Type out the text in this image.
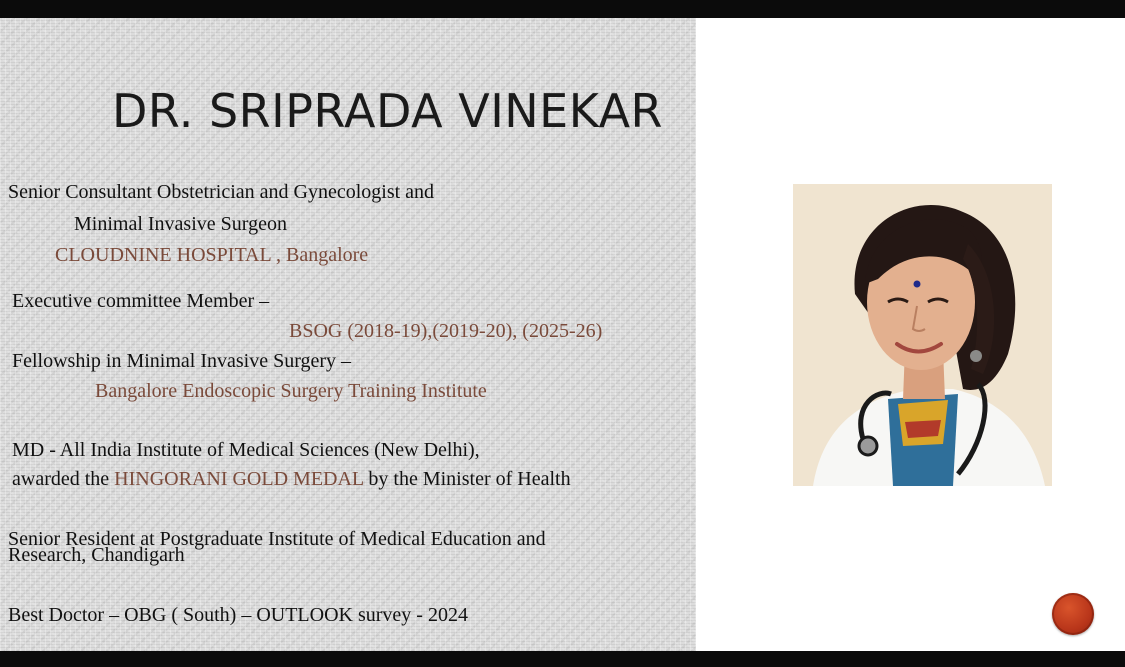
DR. SRIPRADA VINEKAR

Senior Consultant Obstetrician and Gynecologist and

Minimal Invasive Surgeon

CLOUDNINE HOSPITAL , Bangalore

Executive committee Member –

BSOG (2018-19),(2019-20), (2025-26)

Fellowship in Minimal Invasive Surgery –

Bangalore Endoscopic Surgery Training Institute

MD - All India Institute of Medical Sciences (New Delhi),

awarded the HINGORANI GOLD MEDAL by the Minister of Health

Senior Resident at Postgraduate Institute of Medical Education and

Research, Chandigarh

Best Doctor – OBG ( South) – OUTLOOK survey - 2024
